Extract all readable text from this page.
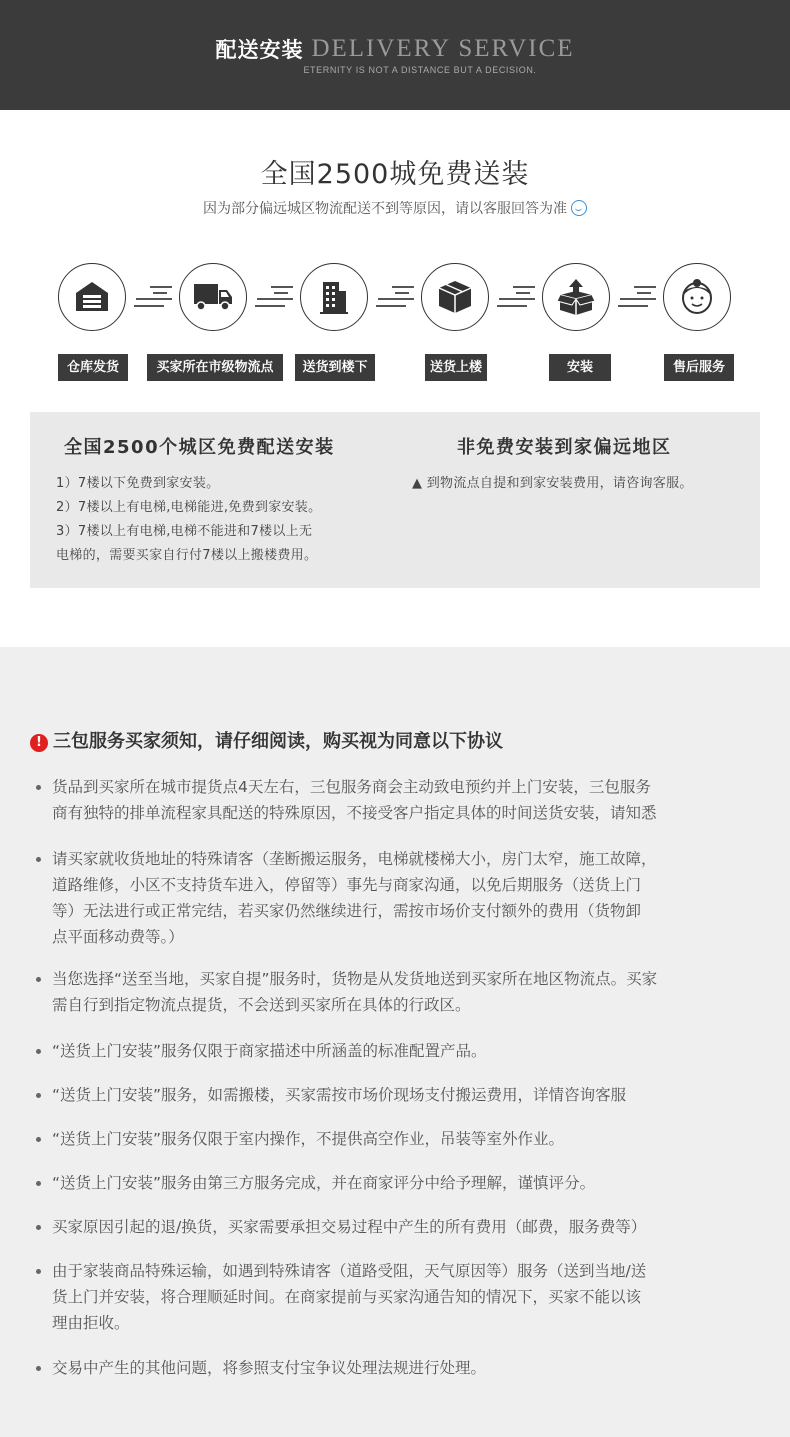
配送安装 DELIVERY SERVICE
ETERNITY IS NOT A DISTANCE BUT A DECISION.
全国2500城免费送装
因为部分偏远城区物流配送不到等原因，请以客服回答为准
仓库发货	买家所在市级物流点	送货到楼下	送货上楼	安装	售后服务
全国2500个城区免费配送安装
1）7楼以下免费到家安装。
2）7楼以上有电梯,电梯能进,免费到家安装。
3）7楼以上有电梯,电梯不能进和7楼以上无
电梯的，需要买家自行付7楼以上搬楼费用。
非免费安装到家偏远地区
▲ 到物流点自提和到家安装费用，请咨询客服。
! 三包服务买家须知，请仔细阅读，购买视为同意以下协议
货品到买家所在城市提货点4天左右，三包服务商会主动致电预约并上门安装，三包服务
商有独特的排单流程家具配送的特殊原因，不接受客户指定具体的时间送货安装，请知悉
请买家就收货地址的特殊请客（垄断搬运服务，电梯就楼梯大小，房门太窄，施工故障，
道路维修，小区不支持货车进入，停留等）事先与商家沟通，以免后期服务（送货上门
等）无法进行或正常完结，若买家仍然继续进行，需按市场价支付额外的费用（货物卸
点平面移动费等。）
当您选择“送至当地，买家自提”服务时，货物是从发货地送到买家所在地区物流点。买家
需自行到指定物流点提货，不会送到买家所在具体的行政区。
“送货上门安装”服务仅限于商家描述中所涵盖的标准配置产品。
“送货上门安装”服务，如需搬楼，买家需按市场价现场支付搬运费用，详情咨询客服
“送货上门安装”服务仅限于室内操作，不提供高空作业，吊装等室外作业。
“送货上门安装”服务由第三方服务完成，并在商家评分中给予理解，谨慎评分。
买家原因引起的退/换货，买家需要承担交易过程中产生的所有费用（邮费，服务费等）
由于家装商品特殊运输，如遇到特殊请客（道路受阻，天气原因等）服务（送到当地/送
货上门并安装，将合理顺延时间。在商家提前与买家沟通告知的情况下，买家不能以该
理由拒收。
交易中产生的其他问题，将参照支付宝争议处理法规进行处理。
